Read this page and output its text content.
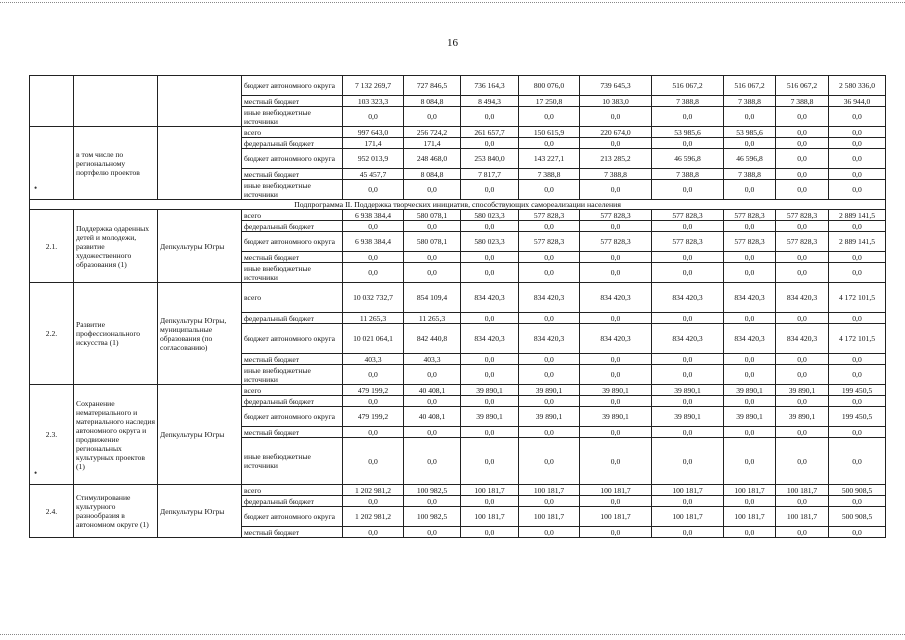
16
			бюджет автономного округа	7 132 269,7	727 846,5	736 164,3	800 076,0	739 645,3	516 067,2	516 067,2	516 067,2	2 580 336,0
			местный бюджет	103 323,3	8 084,8	8 494,3	17 250,8	10 383,0	7 388,8	7 388,8	7 388,8	36 944,0
			иные внебюджетные источники	0,0	0,0	0,0	0,0	0,0	0,0	0,0	0,0	0,0
	в том числе по региональному портфелю проектов		всего	997 643,0	256 724,2	261 657,7	150 615,9	220 674,0	53 985,6	53 985,6	0,0	0,0
			федеральный бюджет	171,4	171,4	0,0	0,0	0,0	0,0	0,0	0,0	0,0
			бюджет автономного округа	952 013,9	248 468,0	253 840,0	143 227,1	213 285,2	46 596,8	46 596,8	0,0	0,0
			местный бюджет	45 457,7	8 084,8	7 817,7	7 388,8	7 388,8	7 388,8	7 388,8	0,0	0,0
			иные внебюджетные источники	0,0	0,0	0,0	0,0	0,0	0,0	0,0	0,0	0,0
Подпрограмма II. Поддержка творческих инициатив, способствующих самореализации населения												
2.1.	Поддержка одаренных детей и молодежи, развитие художественного образования (1)	Депкультуры Югры	всего	6 938 384,4	580 078,1	580 023,3	577 828,3	577 828,3	577 828,3	577 828,3	577 828,3	2 889 141,5
			федеральный бюджет	0,0	0,0	0,0	0,0	0,0	0,0	0,0	0,0	0,0
			бюджет автономного округа	6 938 384,4	580 078,1	580 023,3	577 828,3	577 828,3	577 828,3	577 828,3	577 828,3	2 889 141,5
			местный бюджет	0,0	0,0	0,0	0,0	0,0	0,0	0,0	0,0	0,0
			иные внебюджетные источники	0,0	0,0	0,0	0,0	0,0	0,0	0,0	0,0	0,0
2.2.	Развитие профессионального искусства (1)	Депкультуры Югры, муниципальные образования (по согласованию)	всего	10 032 732,7	854 109,4	834 420,3	834 420,3	834 420,3	834 420,3	834 420,3	834 420,3	4 172 101,5
			федеральный бюджет	11 265,3	11 265,3	0,0	0,0	0,0	0,0	0,0	0,0	0,0
			бюджет автономного округа	10 021 064,1	842 440,8	834 420,3	834 420,3	834 420,3	834 420,3	834 420,3	834 420,3	4 172 101,5
			местный бюджет	403,3	403,3	0,0	0,0	0,0	0,0	0,0	0,0	0,0
			иные внебюджетные источники	0,0	0,0	0,0	0,0	0,0	0,0	0,0	0,0	0,0
2.3.	Сохранение нематериального и материального наследия автономного округа и продвижение региональных культурных проектов (1)	Депкультуры Югры	всего	479 199,2	40 408,1	39 890,1	39 890,1	39 890,1	39 890,1	39 890,1	39 890,1	199 450,5
			федеральный бюджет	0,0	0,0	0,0	0,0	0,0	0,0	0,0	0,0	0,0
			бюджет автономного округа	479 199,2	40 408,1	39 890,1	39 890,1	39 890,1	39 890,1	39 890,1	39 890,1	199 450,5
			местный бюджет	0,0	0,0	0,0	0,0	0,0	0,0	0,0	0,0	0,0
			иные внебюджетные источники	0,0	0,0	0,0	0,0	0,0	0,0	0,0	0,0	0,0
2.4.	Стимулирование культурного разнообразия в автономном округе (1)	Депкультуры Югры	всего	1 202 981,2	100 982,5	100 181,7	100 181,7	100 181,7	100 181,7	100 181,7	100 181,7	500 908,5
			федеральный бюджет	0,0	0,0	0,0	0,0	0,0	0,0	0,0	0,0	0,0
			бюджет автономного округа	1 202 981,2	100 982,5	100 181,7	100 181,7	100 181,7	100 181,7	100 181,7	100 181,7	500 908,5
			местный бюджет	0,0	0,0	0,0	0,0	0,0	0,0	0,0	0,0	0,0
•
•
